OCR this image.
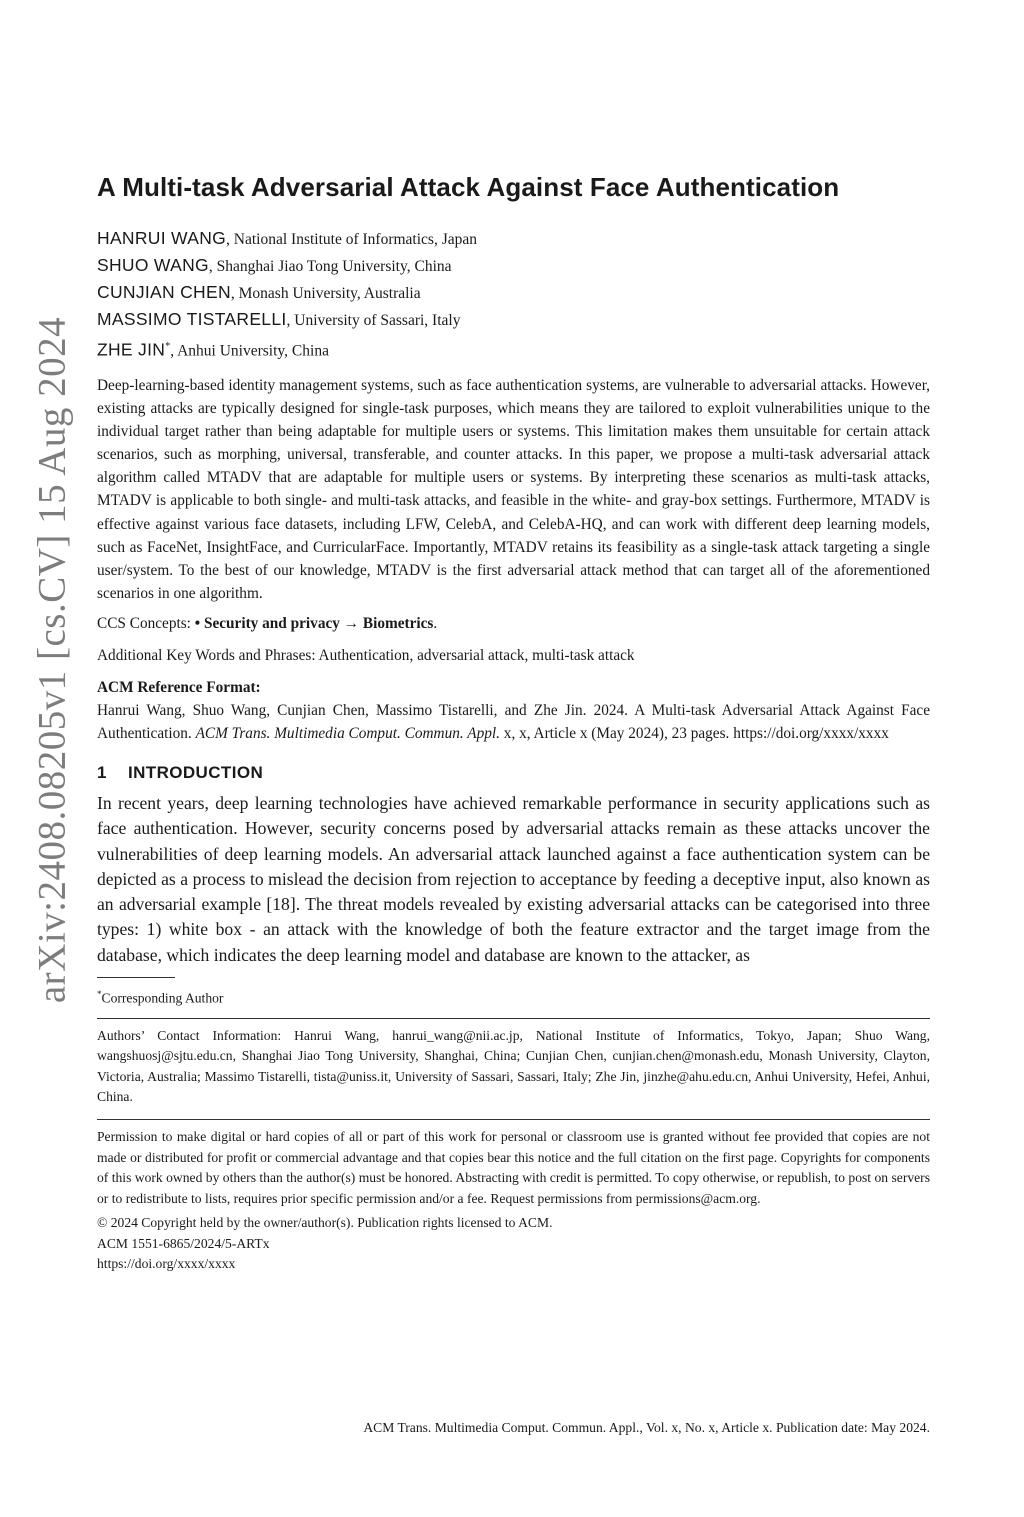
arXiv:2408.08205v1 [cs.CV] 15 Aug 2024
A Multi-task Adversarial Attack Against Face Authentication
HANRUI WANG, National Institute of Informatics, Japan
SHUO WANG, Shanghai Jiao Tong University, China
CUNJIAN CHEN, Monash University, Australia
MASSIMO TISTARELLI, University of Sassari, Italy
ZHE JIN*, Anhui University, China

Deep-learning-based identity management systems, such as face authentication systems, are vulnerable to adversarial attacks. However, existing attacks are typically designed for single-task purposes, which means they are tailored to exploit vulnerabilities unique to the individual target rather than being adaptable for multiple users or systems. This limitation makes them unsuitable for certain attack scenarios, such as morphing, universal, transferable, and counter attacks. In this paper, we propose a multi-task adversarial attack algorithm called MTADV that are adaptable for multiple users or systems. By interpreting these scenarios as multi-task attacks, MTADV is applicable to both single- and multi-task attacks, and feasible in the white- and gray-box settings. Furthermore, MTADV is effective against various face datasets, including LFW, CelebA, and CelebA-HQ, and can work with different deep learning models, such as FaceNet, InsightFace, and CurricularFace. Importantly, MTADV retains its feasibility as a single-task attack targeting a single user/system. To the best of our knowledge, MTADV is the first adversarial attack method that can target all of the aforementioned scenarios in one algorithm.

CCS Concepts: • Security and privacy → Biometrics.

Additional Key Words and Phrases: Authentication, adversarial attack, multi-task attack

ACM Reference Format:

Hanrui Wang, Shuo Wang, Cunjian Chen, Massimo Tistarelli, and Zhe Jin. 2024. A Multi-task Adversarial Attack Against Face Authentication. ACM Trans. Multimedia Comput. Commun. Appl. x, x, Article x (May 2024), 23 pages. https://doi.org/xxxx/xxxx

1 INTRODUCTION

In recent years, deep learning technologies have achieved remarkable performance in security applications such as face authentication. However, security concerns posed by adversarial attacks remain as these attacks uncover the vulnerabilities of deep learning models. An adversarial attack launched against a face authentication system can be depicted as a process to mislead the decision from rejection to acceptance by feeding a deceptive input, also known as an adversarial example [18]. The threat models revealed by existing adversarial attacks can be categorised into three types: 1) white box - an attack with the knowledge of both the feature extractor and the target image from the database, which indicates the deep learning model and database are known to the attacker, as

*Corresponding Author

Authors’ Contact Information: Hanrui Wang, hanrui_wang@nii.ac.jp, National Institute of Informatics, Tokyo, Japan; Shuo Wang, wangshuosj@sjtu.edu.cn, Shanghai Jiao Tong University, Shanghai, China; Cunjian Chen, cunjian.chen@monash.edu, Monash University, Clayton, Victoria, Australia; Massimo Tistarelli, tista@uniss.it, University of Sassari, Sassari, Italy; Zhe Jin, jinzhe@ahu.edu.cn, Anhui University, Hefei, Anhui, China.

Permission to make digital or hard copies of all or part of this work for personal or classroom use is granted without fee provided that copies are not made or distributed for profit or commercial advantage and that copies bear this notice and the full citation on the first page. Copyrights for components of this work owned by others than the author(s) must be honored. Abstracting with credit is permitted. To copy otherwise, or republish, to post on servers or to redistribute to lists, requires prior specific permission and/or a fee. Request permissions from permissions@acm.org.

© 2024 Copyright held by the owner/author(s). Publication rights licensed to ACM.

ACM 1551-6865/2024/5-ARTx

https://doi.org/xxxx/xxxx

ACM Trans. Multimedia Comput. Commun. Appl., Vol. x, No. x, Article x. Publication date: May 2024.
